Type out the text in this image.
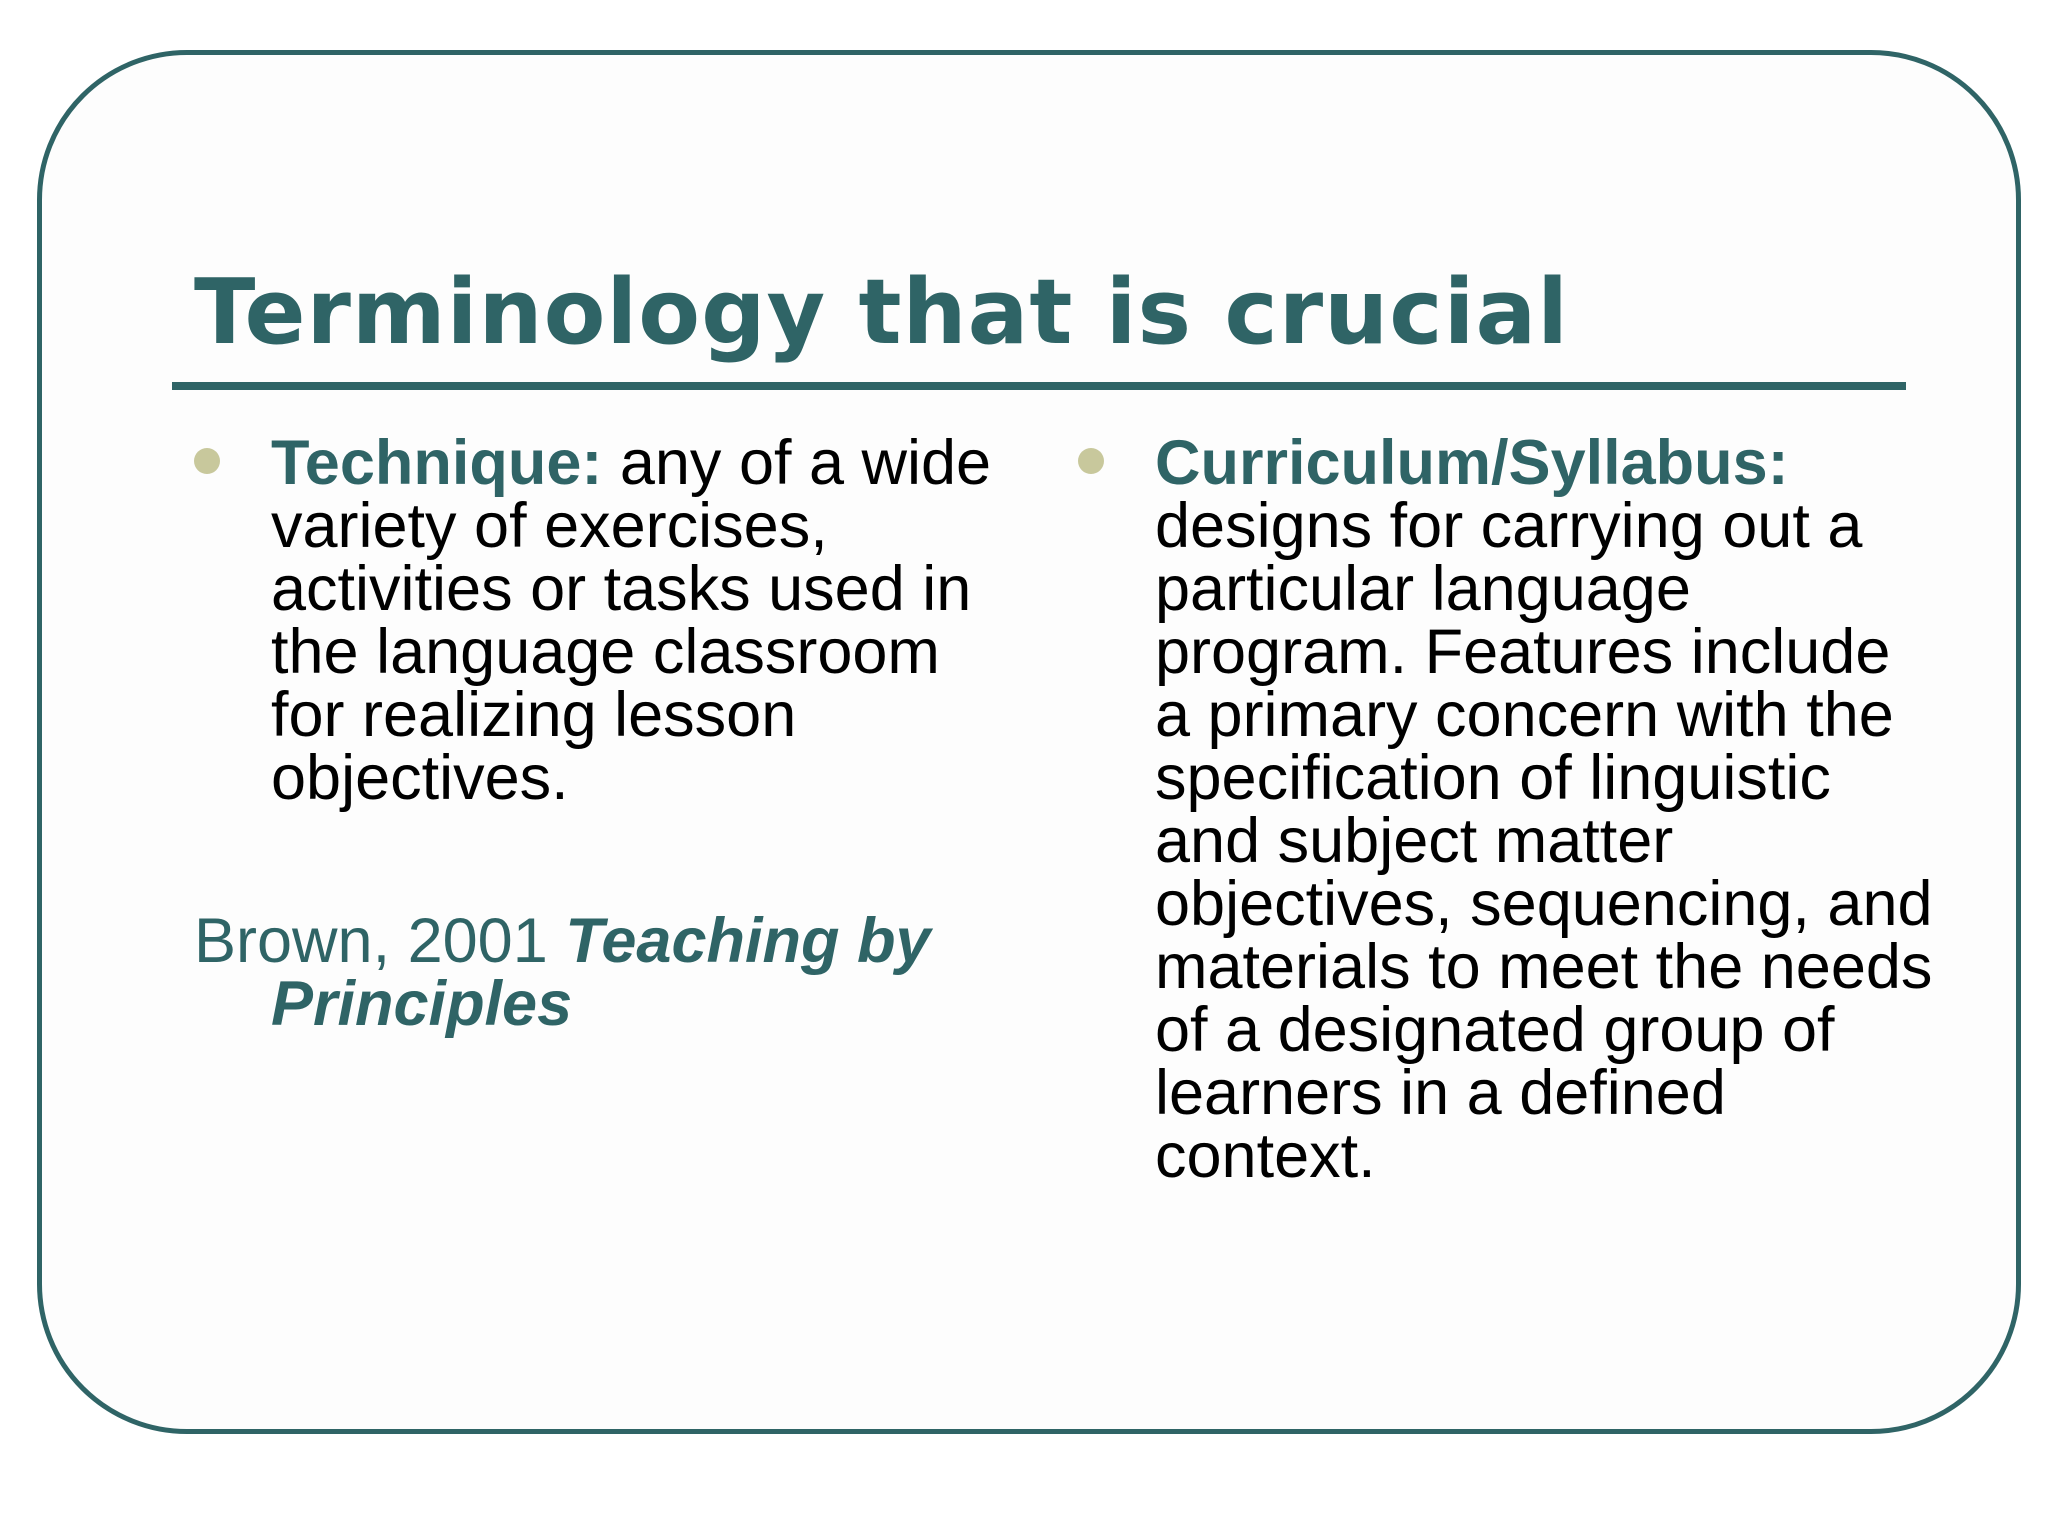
Terminology that is crucial
Technique: any of a wide variety of exercises, activities or tasks used in the language classroom for realizing lesson objectives.
Brown, 2001 Teaching by Principles
Curriculum/Syllabus: designs for carrying out a particular language program. Features include a primary concern with the specification of linguistic and subject matter objectives, sequencing, and materials to meet the needs of a designated group of learners in a defined context.
